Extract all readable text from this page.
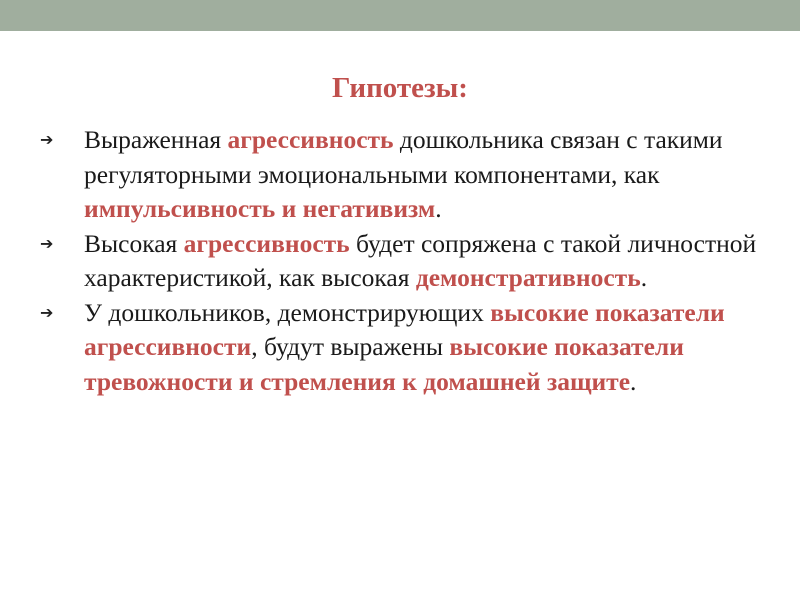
Гипотезы:
➔	Выраженная агрессивность дошкольника связан с такими регуляторными эмоциональными компонентами, как импульсивность и негативизм.
➔	Высокая агрессивность будет сопряжена с такой личностной характеристикой, как высокая демонстративность.
➔	У дошкольников, демонстрирующих высокие показатели агрессивности, будут выражены высокие показатели тревожности и стремления к домашней защите.
